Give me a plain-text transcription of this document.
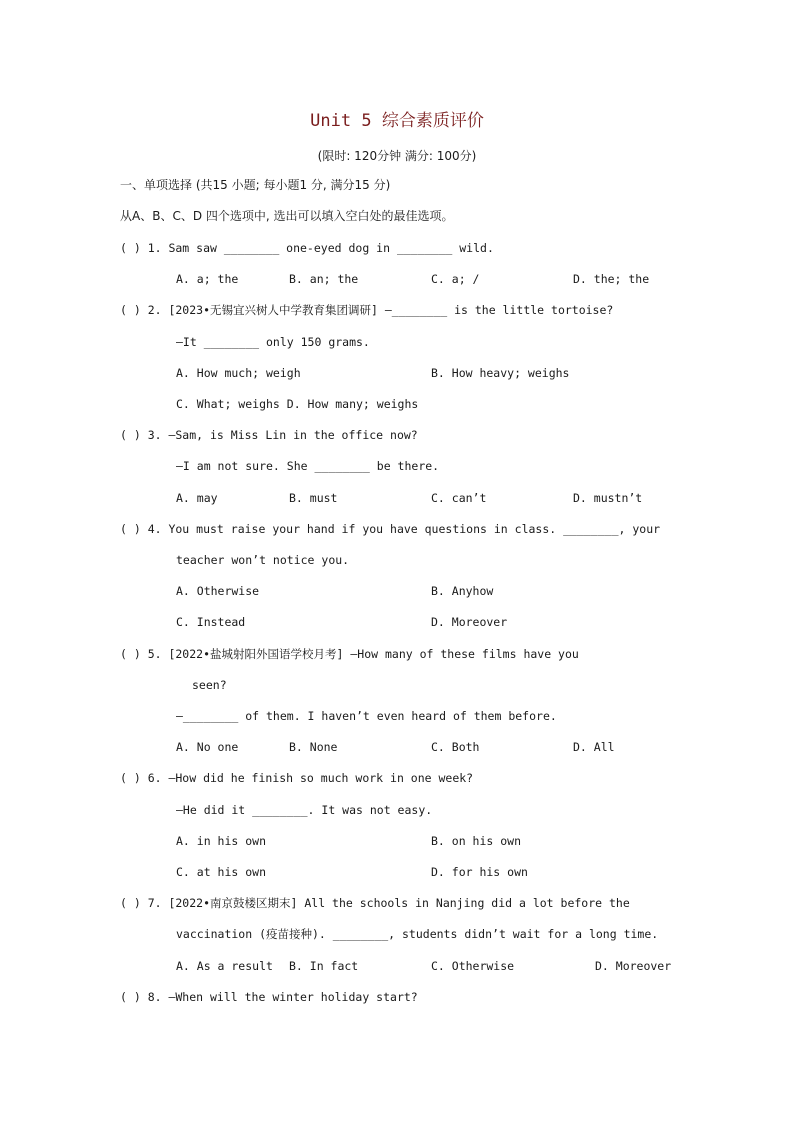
Unit 5 综合素质评价
(限时: 120分钟 满分: 100分)
一、单项选择 (共15 小题; 每小题1 分, 满分15 分)
从A、B、C、D 四个选项中, 选出可以填入空白处的最佳选项。
( ) 1. Sam saw ________ one-eyed dog in ________ wild.
A. a; the	B. an; the	C. a; /	D. the; the
( ) 2. [2023•无锡宜兴树人中学教育集团调研] —________ is the little tortoise?
—It ________ only 150 grams.
A. How much; weigh	B. How heavy; weighs
C. What; weighs D. How many; weighs
( ) 3. —Sam, is Miss Lin in the office now?
—I am not sure. She ________ be there.
A. may	B. must	C. can’t	D. mustn’t
( ) 4. You must raise your hand if you have questions in class. ________, your
teacher won’t notice you.
A. Otherwise	B. Anyhow
C. Instead	D. Moreover
( ) 5. [2022•盐城射阳外国语学校月考] —How many of these films have you
seen?
—________ of them. I haven’t even heard of them before.
A. No one	B. None	C. Both	D. All
( ) 6. —How did he finish so much work in one week?
—He did it ________. It was not easy.
A. in his own	B. on his own
C. at his own	D. for his own
( ) 7. [2022•南京鼓楼区期末] All the schools in Nanjing did a lot before the
vaccination (疫苗接种). ________, students didn’t wait for a long time.
A. As a result B. In fact	C. Otherwise	D. Moreover
( ) 8. —When will the winter holiday start?
